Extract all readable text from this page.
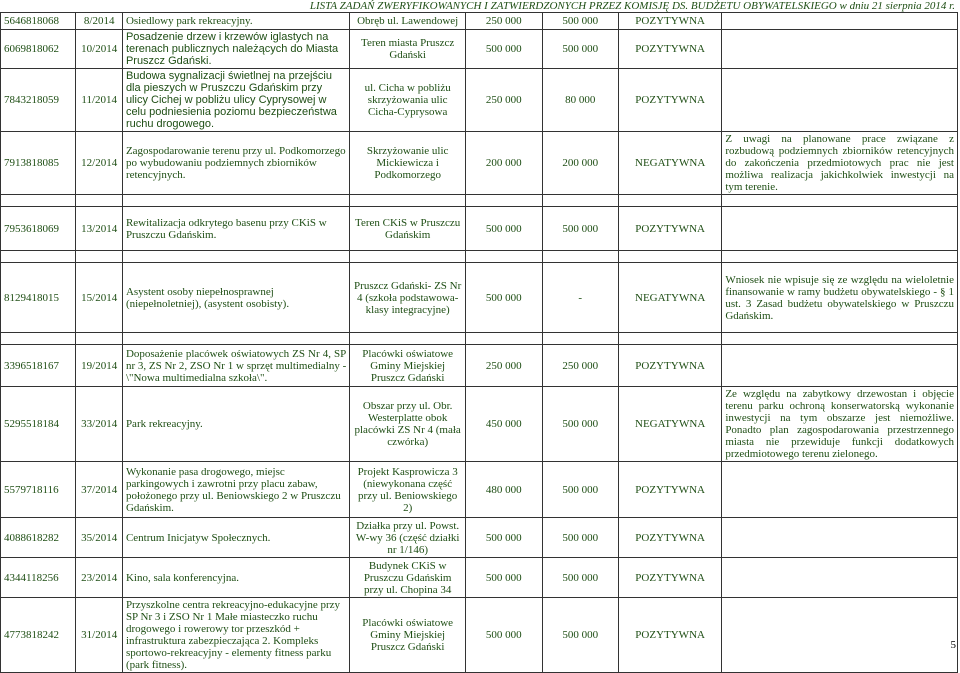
LISTA ZADAŃ ZWERYFIKOWANYCH I ZATWIERDZONYCH PRZEZ KOMISJĘ DS. BUDŻETU OBYWATELSKIEGO w dniu 21 sierpnia 2014 r.
5646818068	8/2014	Osiedlowy park rekreacyjny.	Obręb ul. Lawendowej	250 000	500 000	POZYTYWNA	
6069818062	10/2014	Posadzenie drzew i krzewów iglastych na terenach publicznych należących do Miasta Pruszcz Gdański.	Teren miasta Pruszcz Gdański	500 000	500 000	POZYTYWNA	
7843218059	11/2014	Budowa sygnalizacji świetlnej na przejściu dla pieszych w Pruszczu Gdańskim przy ulicy Cichej w pobliżu ulicy Cyprysowej w celu podniesienia poziomu bezpieczeństwa ruchu drogowego.	ul. Cicha w pobliżu skrzyżowania ulic Cicha-Cyprysowa	250 000	80 000	POZYTYWNA	
7913818085	12/2014	Zagospodarowanie terenu przy ul. Podkomorzego po wybudowaniu podziemnych zbiorników retencyjnych.	Skrzyżowanie ulic Mickiewicza i Podkomorzego	200 000	200 000	NEGATYWNA	Z uwagi na planowane prace związane z rozbudową podziemnych zbiorników retencyjnych do zakończenia przedmiotowych prac nie jest możliwa realizacja jakichkolwiek inwestycji na tym terenie.

7953618069	13/2014	Rewitalizacja odkrytego basenu przy CKiS w Pruszczu Gdańskim.	Teren CKiS w Pruszczu Gdańskim	500 000	500 000	POZYTYWNA	

8129418015	15/2014	Asystent osoby niepełnosprawnej (niepełnoletniej), (asystent osobisty).	Pruszcz Gdański- ZS Nr 4 (szkoła podstawowa-klasy integracyjne)	500 000	-	NEGATYWNA	Wniosek nie wpisuje się ze względu na wieloletnie finansowanie w ramy budżetu obywatelskiego - § 1 ust. 3 Zasad budżetu obywatelskiego w Pruszczu Gdańskim.

3396518167	19/2014	Doposażenie placówek oświatowych ZS Nr 4, SP nr 3, ZS Nr 2, ZSO Nr 1 w sprzęt multimedialny - \"Nowa multimedialna szkoła\".	Placówki oświatowe Gminy Miejskiej Pruszcz Gdański	250 000	250 000	POZYTYWNA	
5295518184	33/2014	Park rekreacyjny.	Obszar przy ul. Obr. Westerplatte obok placówki ZS Nr 4 (mała czwórka)	450 000	500 000	NEGATYWNA	Ze względu na zabytkowy drzewostan i objęcie terenu parku ochroną konserwatorską wykonanie inwestycji na tym obszarze jest niemożliwe. Ponadto plan zagospodarowania przestrzennego miasta nie przewiduje funkcji dodatkowych przedmiotowego terenu zielonego.
5579718116	37/2014	Wykonanie pasa drogowego, miejsc parkingowych i zawrotni przy placu zabaw, położonego przy ul. Beniowskiego 2 w Pruszczu Gdańskim.	Projekt Kasprowicza 3 (niewykonana część przy ul. Beniowskiego 2)	480 000	500 000	POZYTYWNA	
4088618282	35/2014	Centrum Inicjatyw Społecznych.	Działka przy ul. Powst. W-wy 36 (część działki nr 1/146)	500 000	500 000	POZYTYWNA	
4344118256	23/2014	Kino, sala konferencyjna.	Budynek CKiS w Pruszczu Gdańskim przy ul. Chopina 34	500 000	500 000	POZYTYWNA	
4773818242	31/2014	Przyszkolne centra rekreacyjno-edukacyjne przy SP Nr 3 i ZSO Nr 1 Małe miasteczko ruchu drogowego i rowerowy tor przeszkód + infrastruktura zabezpieczająca 2. Kompleks sportowo-rekreacyjny - elementy fitness parku (park fitness).	Placówki oświatowe Gminy Miejskiej Pruszcz Gdański	500 000	500 000	POZYTYWNA	
5
